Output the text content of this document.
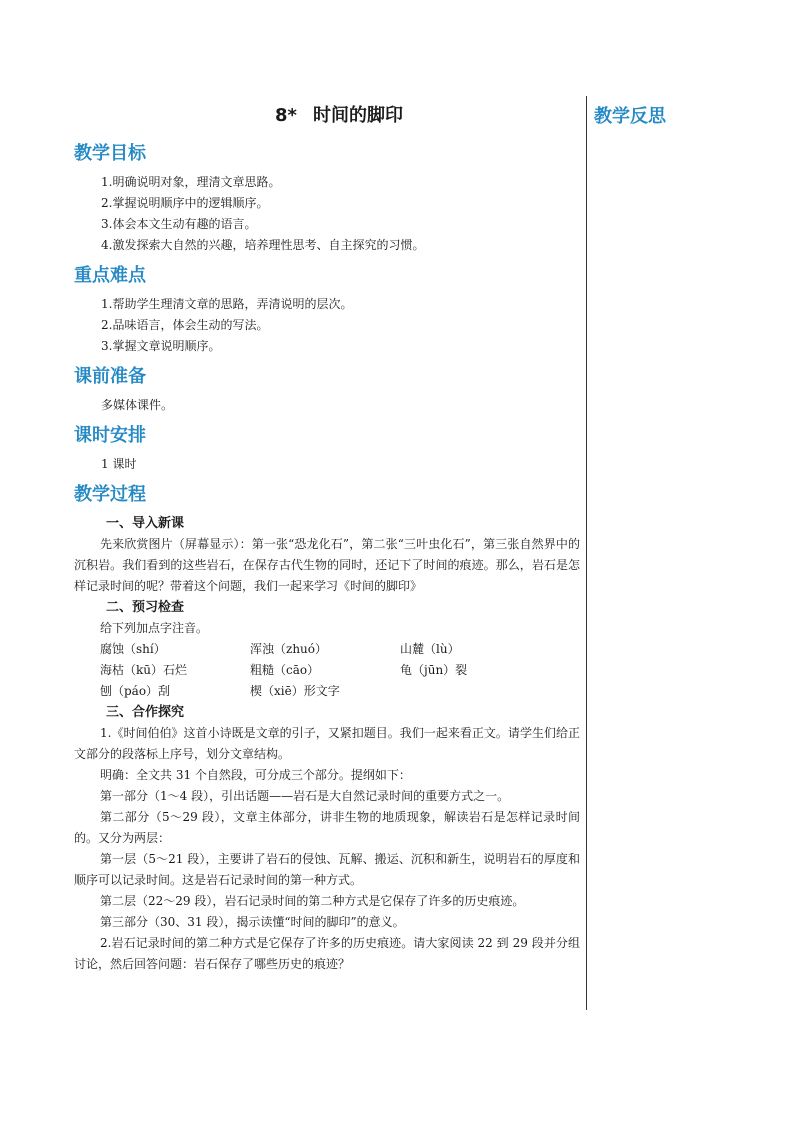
教学反思
8* 时间的脚印
教学目标
1.明确说明对象，理清文章思路。
2.掌握说明顺序中的逻辑顺序。
3.体会本文生动有趣的语言。
4.激发探索大自然的兴趣，培养理性思考、自主探究的习惯。
重点难点
1.帮助学生理清文章的思路，弄清说明的层次。
2.品味语言，体会生动的写法。
3.掌握文章说明顺序。
课前准备

多媒体课件。

课时安排

1 课时

教学过程

一、导入新课

先来欣赏图片（屏幕显示）：第一张“恐龙化石”，第二张“三叶虫化石”，第三张自然界中的沉积岩。我们看到的这些岩石，在保存古代生物的同时，还记下了时间的痕迹。那么，岩石是怎样记录时间的呢？带着这个问题，我们一起来学习《时间的脚印》

二、预习检查

给下列加点字注音。

腐蚀（shí）	浑浊（zhuó）	山麓（lù）
海枯（kū）石烂	粗糙（cāo）	龟（jūn）裂
刨（páo）刮	楔（xiē）形文字

三、合作探究

1.《时间伯伯》这首小诗既是文章的引子，又紧扣题目。我们一起来看正文。请学生们给正文部分的段落标上序号，划分文章结构。

明确：全文共 31 个自然段，可分成三个部分。提纲如下：

第一部分（1～4 段），引出话题——岩石是大自然记录时间的重要方式之一。

第二部分（5～29 段），文章主体部分，讲非生物的地质现象，解读岩石是怎样记录时间的。又分为两层：

第一层（5～21 段），主要讲了岩石的侵蚀、瓦解、搬运、沉积和新生，说明岩石的厚度和顺序可以记录时间。这是岩石记录时间的第一种方式。

第二层（22～29 段），岩石记录时间的第二种方式是它保存了许多的历史痕迹。

第三部分（30、31 段），揭示读懂“时间的脚印”的意义。

2.岩石记录时间的第二种方式是它保存了许多的历史痕迹。请大家阅读 22 到 29 段并分组讨论，然后回答问题：岩石保存了哪些历史的痕迹？
